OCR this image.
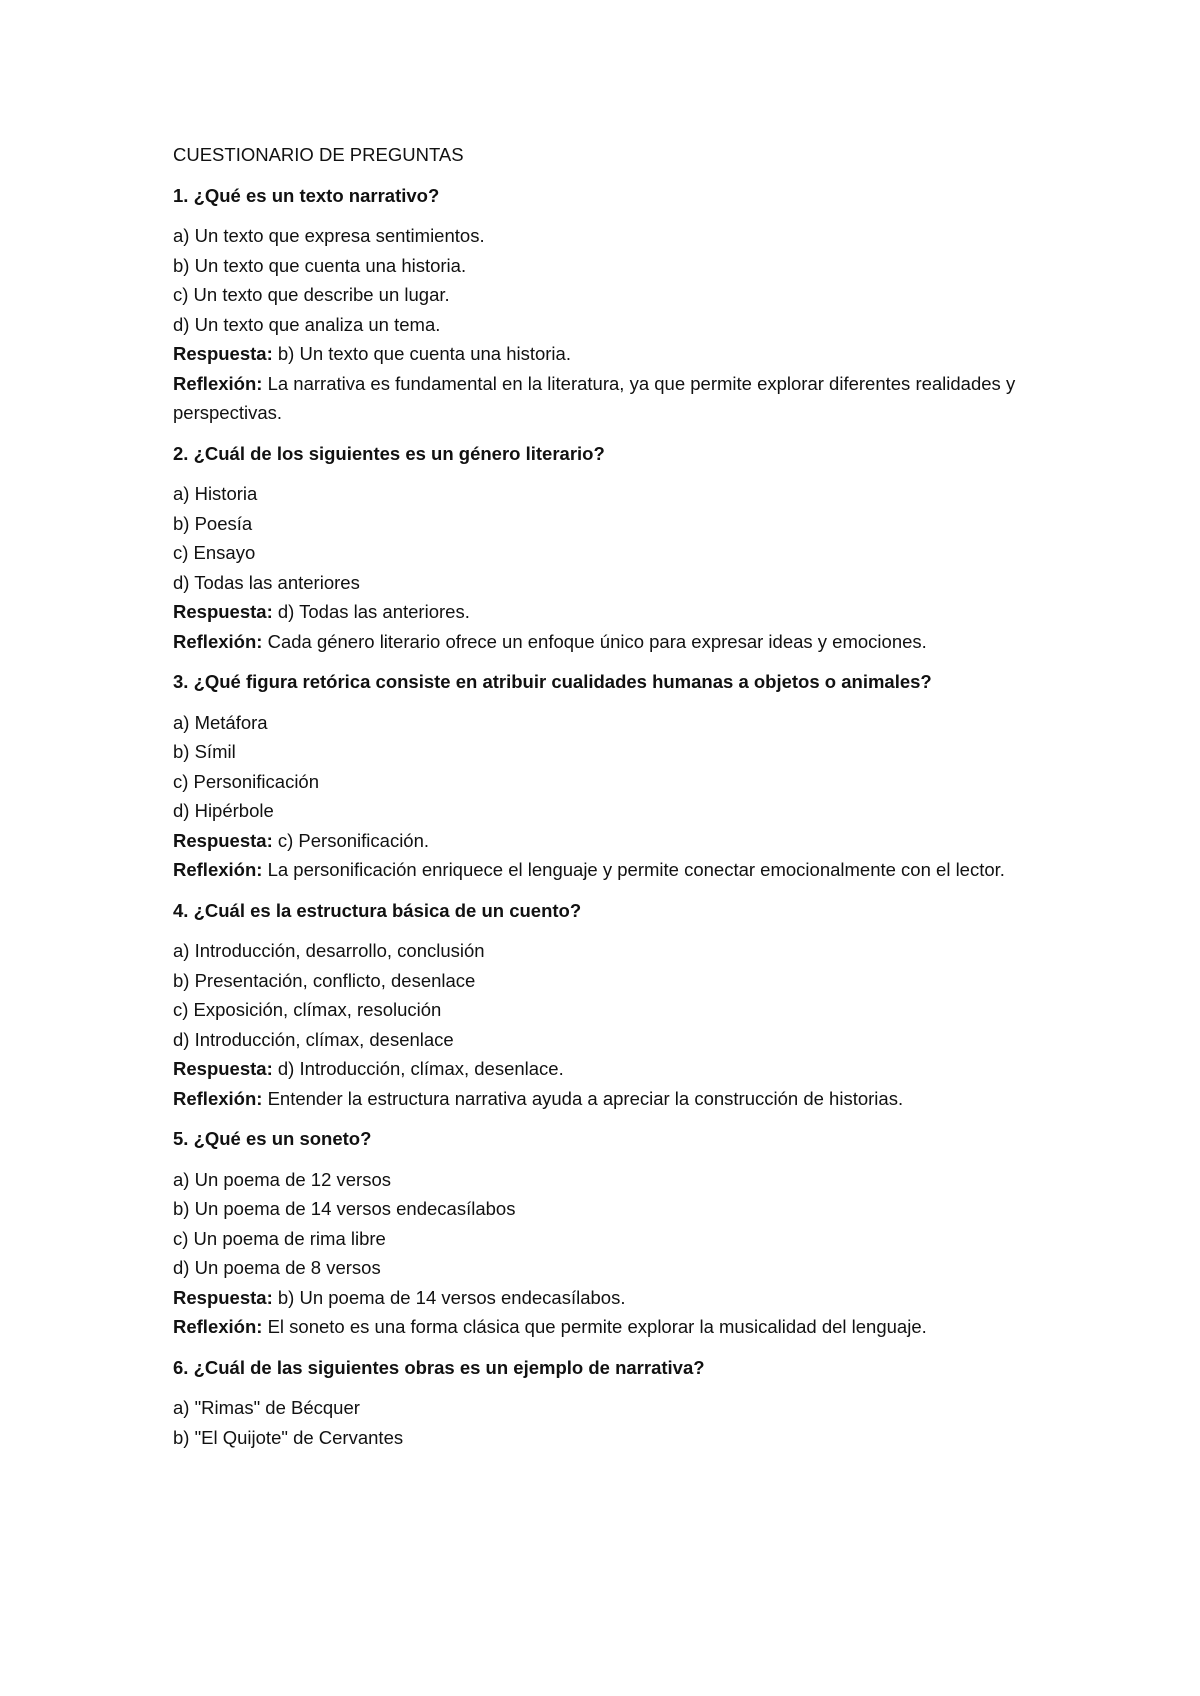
CUESTIONARIO DE PREGUNTAS

1. ¿Qué es un texto narrativo?

a) Un texto que expresa sentimientos.

b) Un texto que cuenta una historia.

c) Un texto que describe un lugar.

d) Un texto que analiza un tema.

Respuesta: b) Un texto que cuenta una historia.

Reflexión: La narrativa es fundamental en la literatura, ya que permite explorar diferentes realidades y perspectivas.

2. ¿Cuál de los siguientes es un género literario?

a) Historia

b) Poesía

c) Ensayo

d) Todas las anteriores

Respuesta: d) Todas las anteriores.

Reflexión: Cada género literario ofrece un enfoque único para expresar ideas y emociones.

3. ¿Qué figura retórica consiste en atribuir cualidades humanas a objetos o animales?

a) Metáfora

b) Símil

c) Personificación

d) Hipérbole

Respuesta: c) Personificación.

Reflexión: La personificación enriquece el lenguaje y permite conectar emocionalmente con el lector.

4. ¿Cuál es la estructura básica de un cuento?

a) Introducción, desarrollo, conclusión

b) Presentación, conflicto, desenlace

c) Exposición, clímax, resolución

d) Introducción, clímax, desenlace

Respuesta: d) Introducción, clímax, desenlace.

Reflexión: Entender la estructura narrativa ayuda a apreciar la construcción de historias.

5. ¿Qué es un soneto?

a) Un poema de 12 versos

b) Un poema de 14 versos endecasílabos

c) Un poema de rima libre

d) Un poema de 8 versos

Respuesta: b) Un poema de 14 versos endecasílabos.

Reflexión: El soneto es una forma clásica que permite explorar la musicalidad del lenguaje.

6. ¿Cuál de las siguientes obras es un ejemplo de narrativa?

a) "Rimas" de Bécquer

b) "El Quijote" de Cervantes
